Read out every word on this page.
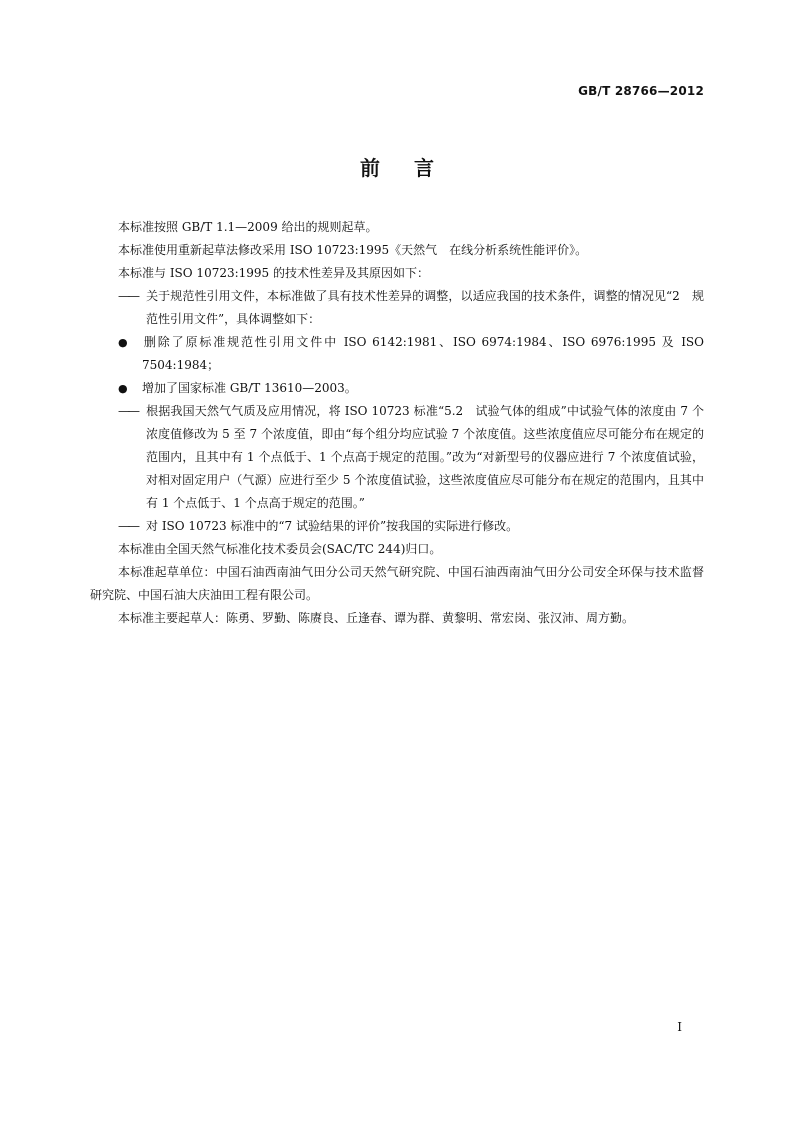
GB/T 28766—2012
前言

本标准按照 GB/T 1.1—2009 给出的规则起草。

本标准使用重新起草法修改采用 ISO 10723:1995《天然气　在线分析系统性能评价》。

本标准与 ISO 10723:1995 的技术性差异及其原因如下：

—— 关于规范性引用文件，本标准做了具有技术性差异的调整，以适应我国的技术条件，调整的情况见“2　规范性引用文件”，具体调整如下：

● 删除了原标准规范性引用文件中 ISO 6142:1981、ISO 6974:1984、ISO 6976:1995 及 ISO 7504:1984；

● 增加了国家标准 GB/T 13610—2003。

—— 根据我国天然气气质及应用情况，将 ISO 10723 标准“5.2　试验气体的组成”中试验气体的浓度由 7 个浓度值修改为 5 至 7 个浓度值，即由“每个组分均应试验 7 个浓度值。这些浓度值应尽可能分布在规定的范围内，且其中有 1 个点低于、1 个点高于规定的范围。”改为“对新型号的仪器应进行 7 个浓度值试验，对相对固定用户（气源）应进行至少 5 个浓度值试验，这些浓度值应尽可能分布在规定的范围内，且其中有 1 个点低于、1 个点高于规定的范围。”

—— 对 ISO 10723 标准中的“7 试验结果的评价”按我国的实际进行修改。

本标准由全国天然气标准化技术委员会(SAC/TC 244)归口。

本标准起草单位：中国石油西南油气田分公司天然气研究院、中国石油西南油气田分公司安全环保与技术监督研究院、中国石油大庆油田工程有限公司。

本标准主要起草人：陈勇、罗勤、陈赓良、丘逢春、谭为群、黄黎明、常宏岗、张汉沛、周方勤。

I
